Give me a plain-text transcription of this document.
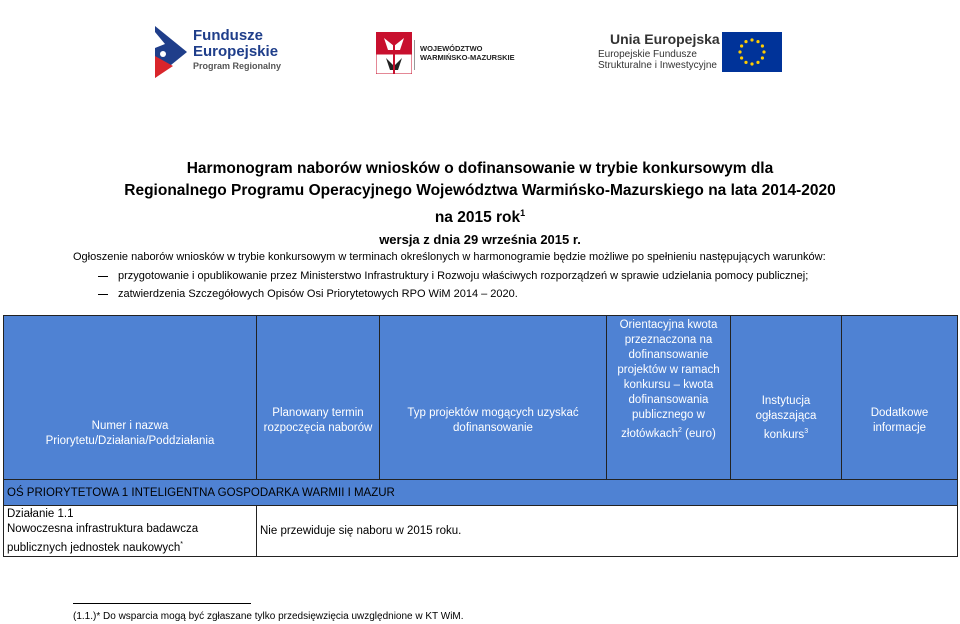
Fundusze
Europejskie
Program Regionalny
WOJEWÓDZTWO
WARMIŃSKO-MAZURSKIE
Unia Europejska
Europejskie Fundusze
Strukturalne i Inwestycyjne
Harmonogram naborów wniosków o dofinansowanie w trybie konkursowym dla
Regionalnego Programu Operacyjnego Województwa Warmińsko-Mazurskiego na lata 2014-2020
na 2015 rok$^1$
wersja z dnia 29 września 2015 r.
Ogłoszenie naborów wniosków w trybie konkursowym w terminach określonych w harmonogramie będzie możliwe po spełnieniu następujących warunków:
przygotowanie i opublikowanie przez Ministerstwo Infrastruktury i Rozwoju właściwych rozporządzeń w sprawie udzielania pomocy publicznej;
zatwierdzenia Szczegółowych Opisów Osi Priorytetowych RPO WiM 2014 – 2020.
Numer i nazwa Priorytetu/Działania/Poddziałania	Planowany termin rozpoczęcia naborów	Typ projektów mogących uzyskać dofinansowanie	Orientacyjna kwota przeznaczona na dofinansowanie projektów w ramach konkursu – kwota dofinansowania publicznego w złotówkach$^2$ (euro)	Instytucja ogłaszająca konkurs$^3$	Dodatkowe informacje
OŚ PRIORYTETOWA 1 INTELIGENTNA GOSPODARKA WARMII I MAZUR					

Działanie 1.1
Nowoczesna infrastruktura badawcza publicznych jednostek naukowych*	Nie przewiduje się naboru w 2015 roku.				
(1.1.)* Do wsparcia mogą być zgłaszane tylko przedsięwzięcia uwzględnione w KT WiM.
